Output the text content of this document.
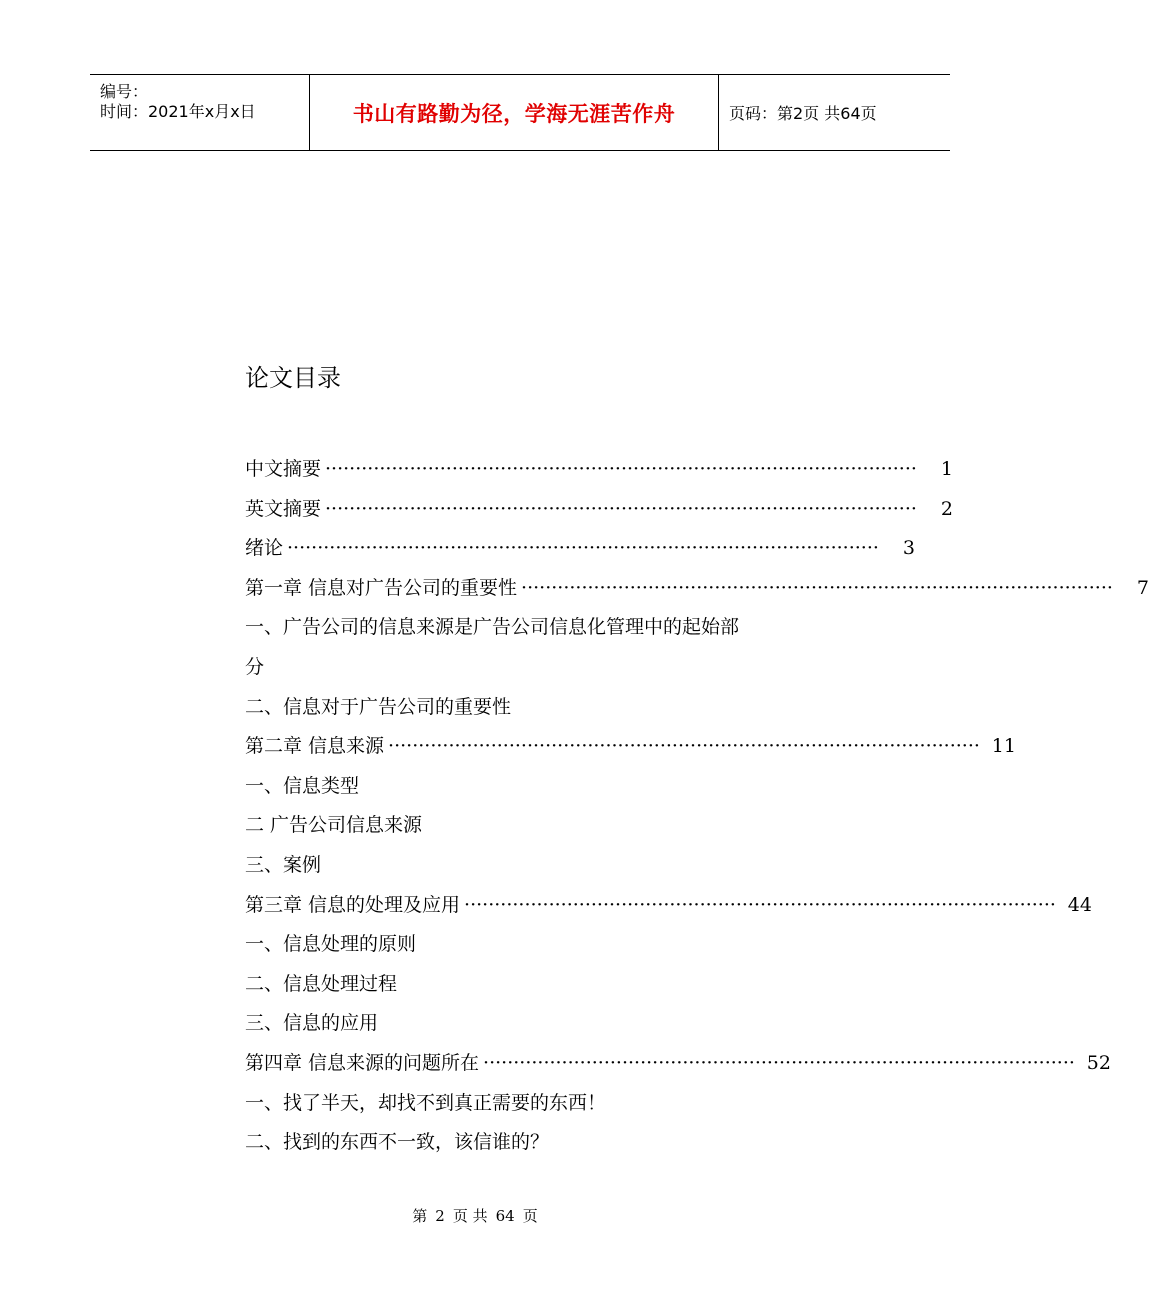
编号：
时间：2021年x月x日	书山有路勤为径，学海无涯苦作舟	页码：第2页 共64页
论文目录
中文摘要 ··································································································	1
英文摘要 ··································································································	2
绪论 ··································································································	3
第一章 信息对广告公司的重要性 ··································································································	7
一、广告公司的信息来源是广告公司信息化管理中的起始部
分
二、信息对于广告公司的重要性
第二章 信息来源 ·································································································· 11
一、信息类型
二 广告公司信息来源
三、案例
第三章 信息的处理及应用 ·································································································· 44
一、信息处理的原则
二、信息处理过程
三、信息的应用
第四章 信息来源的问题所在 ·································································································· 52
一、找了半天，却找不到真正需要的东西！
二、找到的东西不一致，该信谁的？
第 2 页 共 64 页
